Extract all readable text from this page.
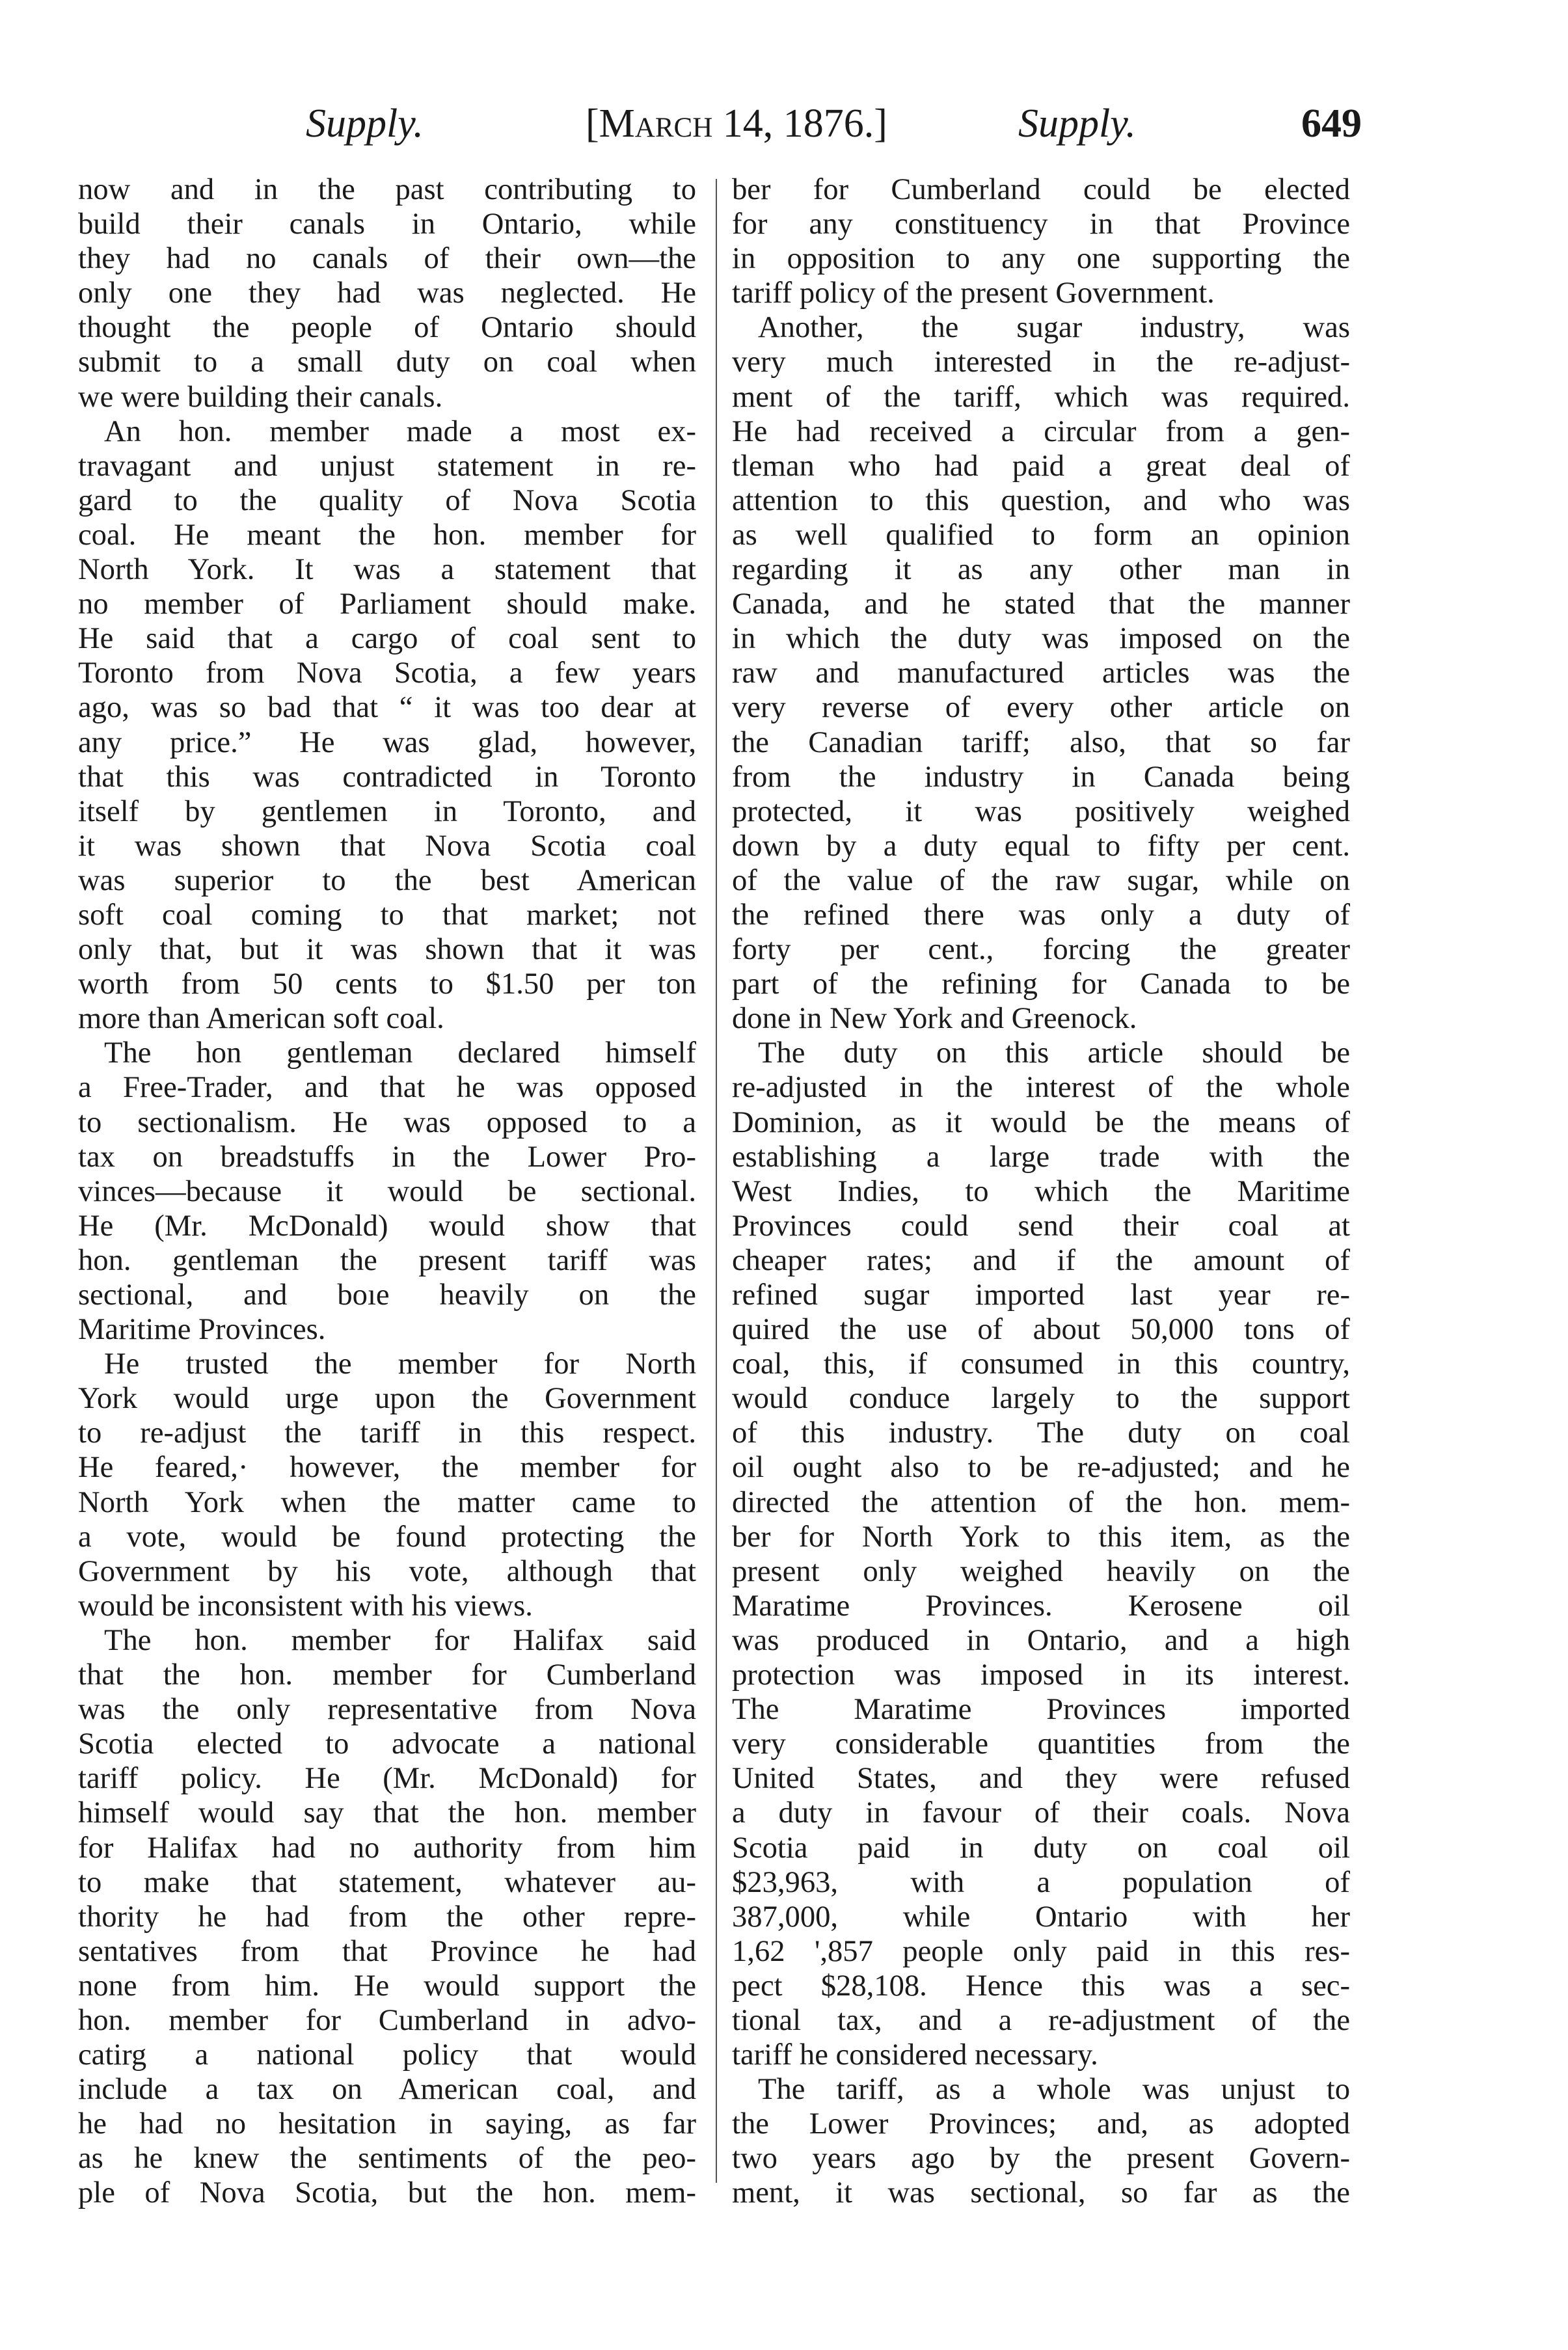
Supply.	[March 14, 1876.]	Supply.	649
now and in the past contributing to
build their canals in Ontario, while
they had no canals of their own—the
only one they had was neglected. He
thought the people of Ontario should
submit to a small duty on coal when
we were building their canals.
An hon. member made a most ex-
travagant and unjust statement in re-
gard to the quality of Nova Scotia
coal. He meant the hon. member for
North York. It was a statement that
no member of Parliament should make.
He said that a cargo of coal sent to
Toronto from Nova Scotia, a few years
ago, was so bad that “ it was too dear at
any price.” He was glad, however,
that this was contradicted in Toronto
itself by gentlemen in Toronto, and
it was shown that Nova Scotia coal
was superior to the best American
soft coal coming to that market; not
only that, but it was shown that it was
worth from 50 cents to $1.50 per ton
more than American soft coal.
The hon gentleman declared himself
a Free-Trader, and that he was opposed
to sectionalism. He was opposed to a
tax on breadstuffs in the Lower Pro-
vinces—because it would be sectional.
He (Mr. McDonald) would show that
hon. gentleman the present tariff was
sectional, and boıe heavily on the
Maritime Provinces.
He trusted the member for North
York would urge upon the Government
to re-adjust the tariff in this respect.
He feared,· however, the member for
North York when the matter came to
a vote, would be found protecting the
Government by his vote, although that
would be inconsistent with his views.
The hon. member for Halifax said
that the hon. member for Cumberland
was the only representative from Nova
Scotia elected to advocate a national
tariff policy. He (Mr. McDonald) for
himself would say that the hon. member
for Halifax had no authority from him
to make that statement, whatever au-
thority he had from the other repre-
sentatives from that Province he had
none from him. He would support the
hon. member for Cumberland in advo-
catirg a national policy that would
include a tax on American coal, and
he had no hesitation in saying, as far
as he knew the sentiments of the peo-
ple of Nova Scotia, but the hon. mem-
ber for Cumberland could be elected
for any constituency in that Province
in opposition to any one supporting the
tariff policy of the present Government.
Another, the sugar industry, was
very much interested in the re-adjust-
ment of the tariff, which was required.
He had received a circular from a gen-
tleman who had paid a great deal of
attention to this question, and who was
as well qualified to form an opinion
regarding it as any other man in
Canada, and he stated that the manner
in which the duty was imposed on the
raw and manufactured articles was the
very reverse of every other article on
the Canadian tariff; also, that so far
from the industry in Canada being
protected, it was positively weighed
down by a duty equal to fifty per cent.
of the value of the raw sugar, while on
the refined there was only a duty of
forty per cent., forcing the greater
part of the refining for Canada to be
done in New York and Greenock.
The duty on this article should be
re-adjusted in the interest of the whole
Dominion, as it would be the means of
establishing a large trade with the
West Indies, to which the Maritime
Provinces could send their coal at
cheaper rates; and if the amount of
refined sugar imported last year re-
quired the use of about 50,000 tons of
coal, this, if consumed in this country,
would conduce largely to the support
of this industry. The duty on coal
oil ought also to be re-adjusted; and he
directed the attention of the hon. mem-
ber for North York to this item, as the
present only weighed heavily on the
Maratime Provinces. Kerosene oil
was produced in Ontario, and a high
protection was imposed in its interest.
The Maratime Provinces imported
very considerable quantities from the
United States, and they were refused
a duty in favour of their coals. Nova
Scotia paid in duty on coal oil
$23,963, with a population of
387,000, while Ontario with her
1,62 ',857 people only paid in this res-
pect $28,108. Hence this was a sec-
tional tax, and a re-adjustment of the
tariff he considered necessary.
The tariff, as a whole was unjust to
the Lower Provinces; and, as adopted
two years ago by the present Govern-
ment, it was sectional, so far as the
